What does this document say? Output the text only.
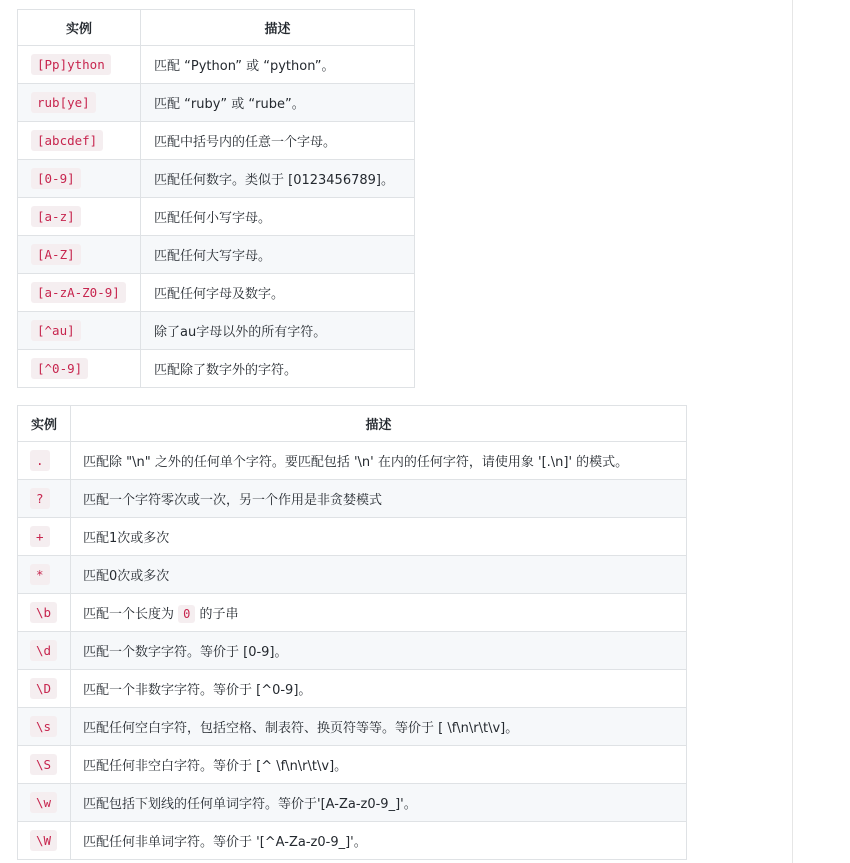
实例	描述
[Pp]ython	匹配 “Python” 或 “python”。
rub[ye]	匹配 “ruby” 或 “rube”。
[abcdef]	匹配中括号内的任意一个字母。
[0-9]	匹配任何数字。类似于 [0123456789]。
[a-z]	匹配任何小写字母。
[A-Z]	匹配任何大写字母。
[a-zA-Z0-9]	匹配任何字母及数字。
[^au]	除了au字母以外的所有字符。
[^0-9]	匹配除了数字外的字符。
实例	描述
.	匹配除 "\n" 之外的任何单个字符。要匹配包括 '\n' 在内的任何字符，请使用象 '[.\n]' 的模式。
?	匹配一个字符零次或一次，另一个作用是非贪婪模式
+	匹配1次或多次
*	匹配0次或多次
\b	匹配一个长度为 0 的子串
\d	匹配一个数字字符。等价于 [0-9]。
\D	匹配一个非数字字符。等价于 [^0-9]。
\s	匹配任何空白字符，包括空格、制表符、换页符等等。等价于 [ \f\n\r\t\v]。
\S	匹配任何非空白字符。等价于 [^ \f\n\r\t\v]。
\w	匹配包括下划线的任何单词字符。等价于'[A-Za-z0-9_]'。
\W	匹配任何非单词字符。等价于 '[^A-Za-z0-9_]'。
